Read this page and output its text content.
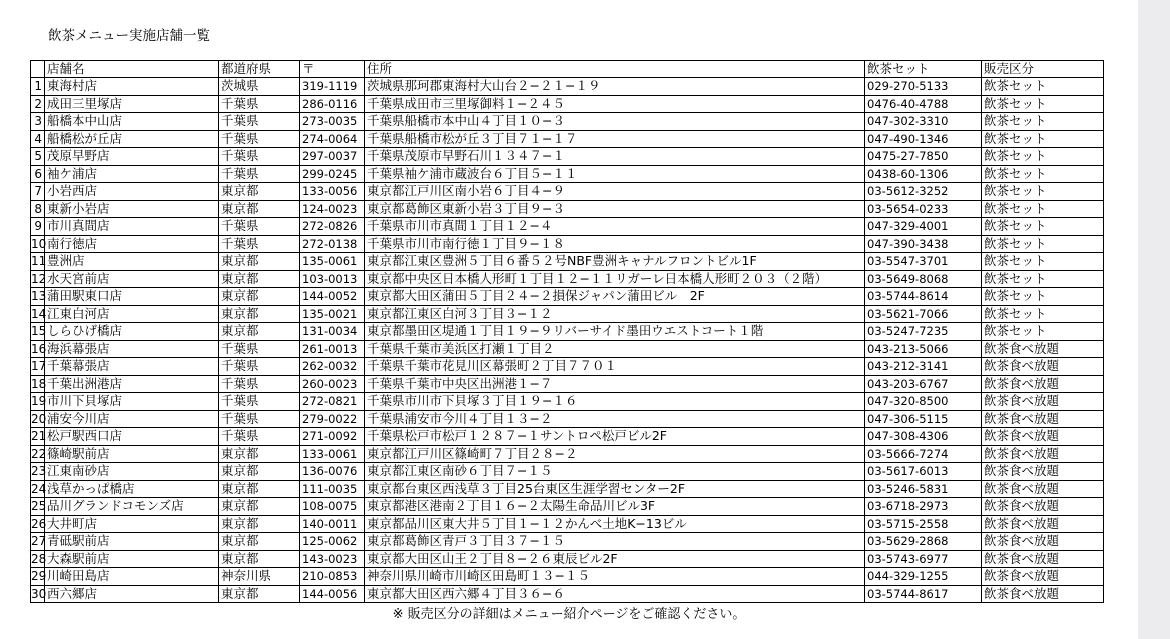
飲茶メニュー実施店舗一覧
	店舗名	都道府県	〒	住所	飲茶セット	販売区分
1	東海村店	茨城県	319-1119	茨城県那珂郡東海村大山台２−２１−１９	029-270-5133	飲茶セット
2	成田三里塚店	千葉県	286-0116	千葉県成田市三里塚御料１−２４５	0476-40-4788	飲茶セット
3	船橋本中山店	千葉県	273-0035	千葉県船橋市本中山４丁目１０−３	047-302-3310	飲茶セット
4	船橋松が丘店	千葉県	274-0064	千葉県船橋市松が丘３丁目７１−１７	047-490-1346	飲茶セット
5	茂原早野店	千葉県	297-0037	千葉県茂原市早野石川１３４７−１	0475-27-7850	飲茶セット
6	袖ケ浦店	千葉県	299-0245	千葉県袖ケ浦市蔵波台６丁目５−１１	0438-60-1306	飲茶セット
7	小岩西店	東京都	133-0056	東京都江戸川区南小岩６丁目４−９	03-5612-3252	飲茶セット
8	東新小岩店	東京都	124-0023	東京都葛飾区東新小岩３丁目９−３	03-5654-0233	飲茶セット
9	市川真間店	千葉県	272-0826	千葉県市川市真間１丁目１２−４	047-329-4001	飲茶セット
10	南行徳店	千葉県	272-0138	千葉県市川市南行徳１丁目９−１８	047-390-3438	飲茶セット
11	豊洲店	東京都	135-0061	東京都江東区豊洲５丁目６番５２号NBF豊洲キャナルフロントビル1F	03-5547-3701	飲茶セット
12	水天宮前店	東京都	103-0013	東京都中央区日本橋人形町１丁目１２−１１リガーレ日本橋人形町２０３（２階）	03-5649-8068	飲茶セット
13	蒲田駅東口店	東京都	144-0052	東京都大田区蒲田５丁目２４−２損保ジャパン蒲田ビル　2F	03-5744-8614	飲茶セット
14	江東白河店	東京都	135-0021	東京都江東区白河３丁目３−１２	03-5621-7066	飲茶セット
15	しらひげ橋店	東京都	131-0034	東京都墨田区堤通１丁目１９−９リバーサイド墨田ウエストコート１階	03-5247-7235	飲茶セット
16	海浜幕張店	千葉県	261-0013	千葉県千葉市美浜区打瀬１丁目２	043-213-5066	飲茶食べ放題
17	千葉幕張店	千葉県	262-0032	千葉県千葉市花見川区幕張町２丁目７７０１	043-212-3141	飲茶食べ放題
18	千葉出洲港店	千葉県	260-0023	千葉県千葉市中央区出洲港１−７	043-203-6767	飲茶食べ放題
19	市川下貝塚店	千葉県	272-0821	千葉県市川市下貝塚３丁目１９−１６	047-320-8500	飲茶食べ放題
20	浦安今川店	千葉県	279-0022	千葉県浦安市今川４丁目１３−２	047-306-5115	飲茶食べ放題
21	松戸駅西口店	千葉県	271-0092	千葉県松戸市松戸１２８７−１サントロペ松戸ビル2F	047-308-4306	飲茶食べ放題
22	篠崎駅前店	東京都	133-0061	東京都江戸川区篠崎町７丁目２８−２	03-5666-7274	飲茶食べ放題
23	江東南砂店	東京都	136-0076	東京都江東区南砂６丁目７−１５	03-5617-6013	飲茶食べ放題
24	浅草かっぱ橋店	東京都	111-0035	東京都台東区西浅草３丁目25台東区生涯学習センター2F	03-5246-5831	飲茶食べ放題
25	品川グランドコモンズ店	東京都	108-0075	東京都港区港南２丁目１６−２太陽生命品川ビル3F	03-6718-2973	飲茶食べ放題
26	大井町店	東京都	140-0011	東京都品川区東大井５丁目１−１２かんべ土地K−13ビル	03-5715-2558	飲茶食べ放題
27	青砥駅前店	東京都	125-0062	東京都葛飾区青戸３丁目３７−１５	03-5629-2868	飲茶食べ放題
28	大森駅前店	東京都	143-0023	東京都大田区山王２丁目８−２６東辰ビル2F	03-5743-6977	飲茶食べ放題
29	川崎田島店	神奈川県	210-0853	神奈川県川崎市川崎区田島町１３−１５	044-329-1255	飲茶食べ放題
30	西六郷店	東京都	144-0056	東京都大田区西六郷４丁目３６−６	03-5744-8617	飲茶食べ放題
※ 販売区分の詳細はメニュー紹介ページをご確認ください。
